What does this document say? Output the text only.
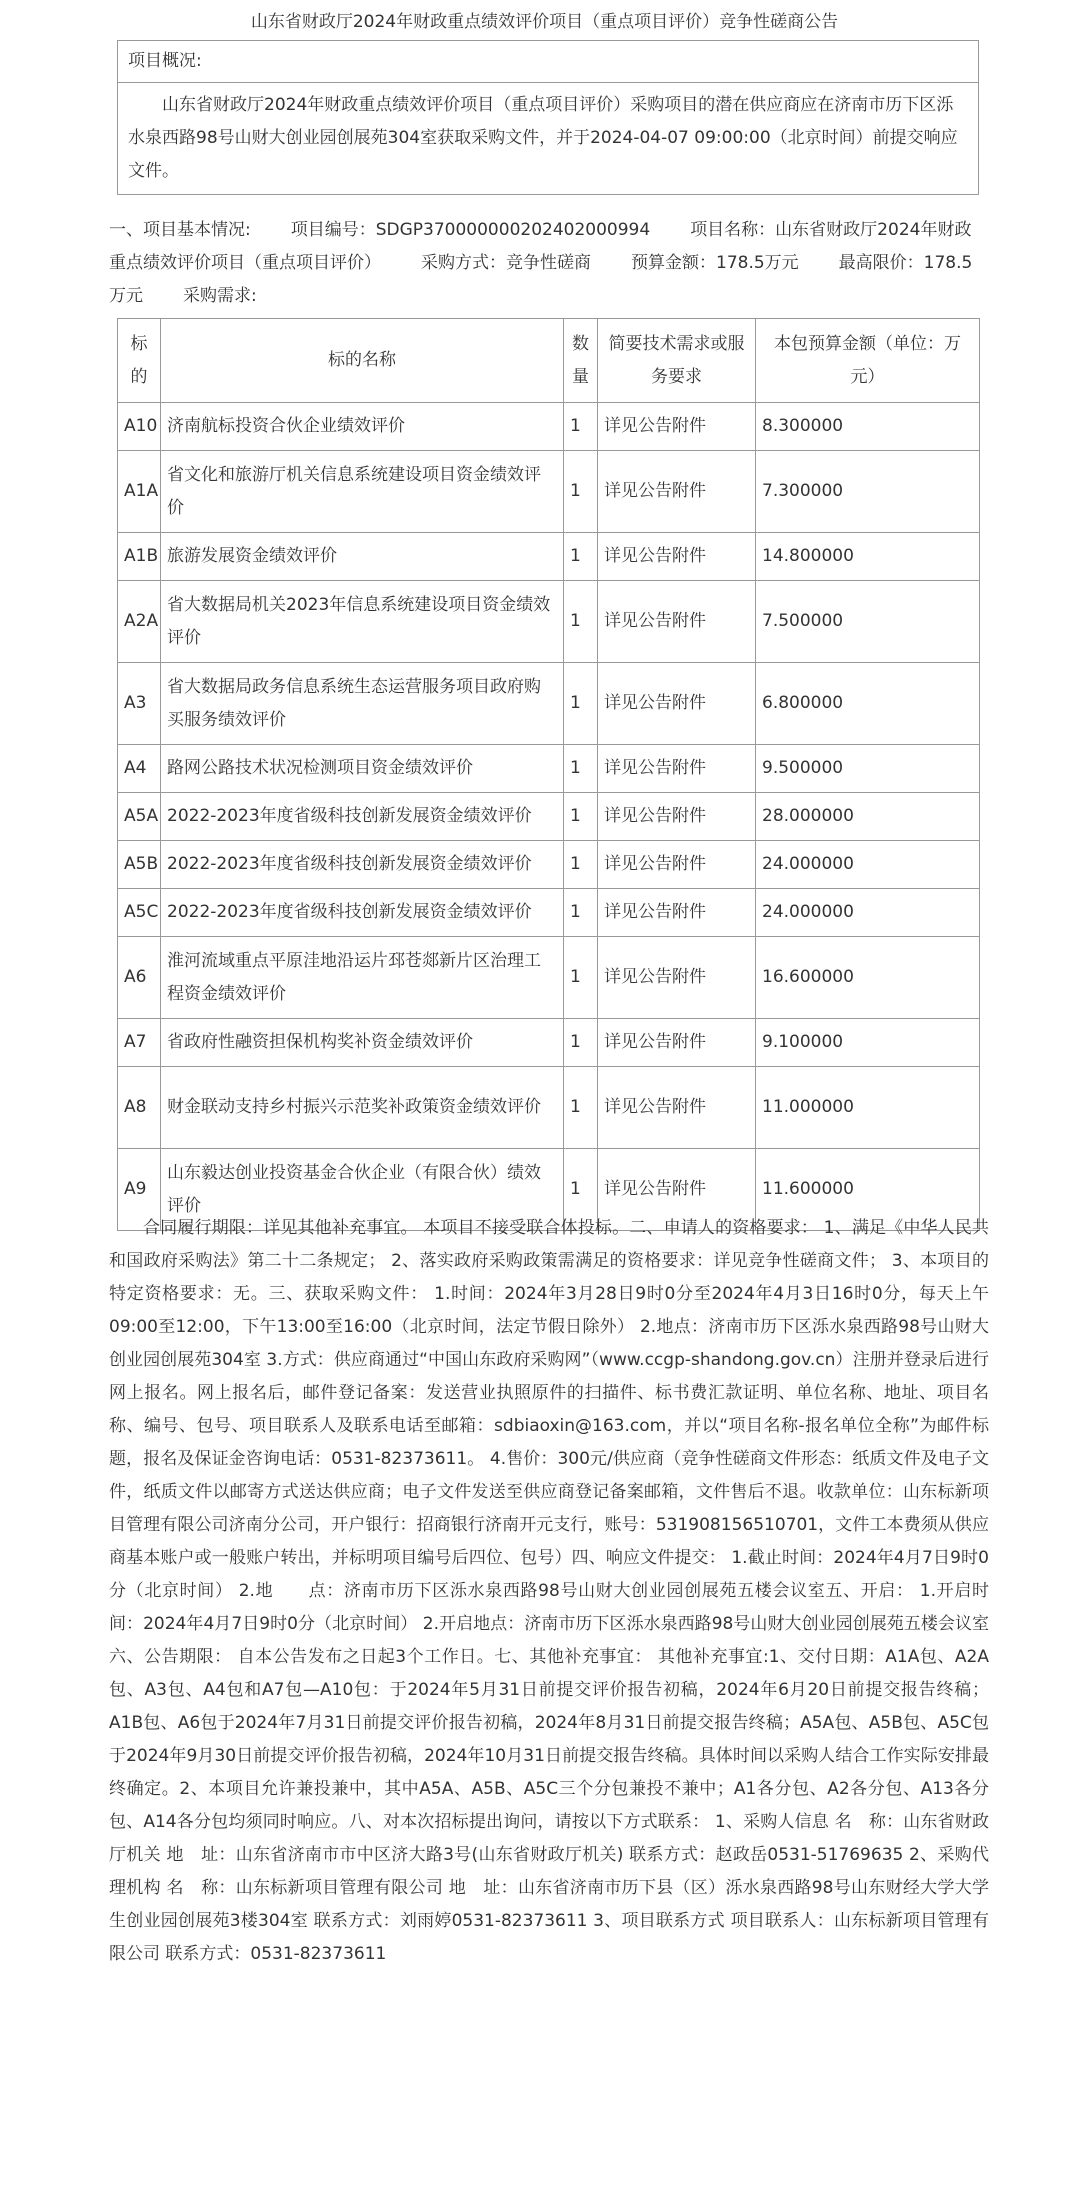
山东省财政厅2024年财政重点绩效评价项目（重点项目评价）竞争性磋商公告
项目概况:
山东省财政厅2024年财政重点绩效评价项目（重点项目评价）采购项目的潜在供应商应在济南市历下区泺水泉西路98号山财大创业园创展苑304室获取采购文件，并于2024-04-07 09:00:00（北京时间）前提交响应文件。

一、项目基本情况: 项目编号：SDGP370000000202402000994 项目名称：山东省财政厅2024年财政重点绩效评价项目（重点项目评价） 采购方式：竞争性磋商 预算金额：178.5万元 最高限价：178.5万元 采购需求:

标的	标的名称	数量	简要技术需求或服务要求	本包预算金额（单位：万元）
A10	济南航标投资合伙企业绩效评价	1	详见公告附件	8.300000
A1A	省文化和旅游厅机关信息系统建设项目资金绩效评价	1	详见公告附件	7.300000
A1B	旅游发展资金绩效评价	1	详见公告附件	14.800000
A2A	省大数据局机关2023年信息系统建设项目资金绩效评价	1	详见公告附件	7.500000
A3	省大数据局政务信息系统生态运营服务项目政府购买服务绩效评价	1	详见公告附件	6.800000
A4	路网公路技术状况检测项目资金绩效评价	1	详见公告附件	9.500000
A5A	2022-2023年度省级科技创新发展资金绩效评价	1	详见公告附件	28.000000
A5B	2022-2023年度省级科技创新发展资金绩效评价	1	详见公告附件	24.000000
A5C	2022-2023年度省级科技创新发展资金绩效评价	1	详见公告附件	24.000000
A6	淮河流域重点平原洼地沿运片邳苍郯新片区治理工程资金绩效评价	1	详见公告附件	16.600000
A7	省政府性融资担保机构奖补资金绩效评价	1	详见公告附件	9.100000
A8	财金联动支持乡村振兴示范奖补政策资金绩效评价	1	详见公告附件	11.000000
A9	山东毅达创业投资基金合伙企业（有限合伙）绩效评价	1	详见公告附件	11.600000

合同履行期限：详见其他补充事宜。 本项目不接受联合体投标。二、申请人的资格要求： 1、满足《中华人民共和国政府采购法》第二十二条规定； 2、落实政府采购政策需满足的资格要求：详见竞争性磋商文件； 3、本项目的特定资格要求：无。三、获取采购文件： 1.时间：2024年3月28日9时0分至2024年4月3日16时0分，每天上午09:00至12:00，下午13:00至16:00（北京时间，法定节假日除外） 2.地点：济南市历下区泺水泉西路98号山财大创业园创展苑304室 3.方式：供应商通过“中国山东政府采购网”（www.ccgp-shandong.gov.cn）注册并登录后进行网上报名。网上报名后，邮件登记备案：发送营业执照原件的扫描件、标书费汇款证明、单位名称、地址、项目名称、编号、包号、项目联系人及联系电话至邮箱：sdbiaoxin@163.com，并以“项目名称-报名单位全称”为邮件标题，报名及保证金咨询电话：0531-82373611。 4.售价：300元/供应商（竞争性磋商文件形态：纸质文件及电子文件，纸质文件以邮寄方式送达供应商；电子文件发送至供应商登记备案邮箱，文件售后不退。收款单位：山东标新项目管理有限公司济南分公司，开户银行：招商银行济南开元支行，账号：531908156510701，文件工本费须从供应商基本账户或一般账户转出，并标明项目编号后四位、包号）四、响应文件提交： 1.截止时间：2024年4月7日9时0分（北京时间） 2.地　　点：济南市历下区泺水泉西路98号山财大创业园创展苑五楼会议室五、开启： 1.开启时间：2024年4月7日9时0分（北京时间） 2.开启地点：济南市历下区泺水泉西路98号山财大创业园创展苑五楼会议室六、公告期限： 自本公告发布之日起3个工作日。七、其他补充事宜： 其他补充事宜:1、交付日期：A1A包、A2A包、A3包、A4包和A7包—A10包：于2024年5月31日前提交评价报告初稿，2024年6月20日前提交报告终稿；A1B包、A6包于2024年7月31日前提交评价报告初稿，2024年8月31日前提交报告终稿；A5A包、A5B包、A5C包于2024年9月30日前提交评价报告初稿，2024年10月31日前提交报告终稿。具体时间以采购人结合工作实际安排最终确定。2、本项目允许兼投兼中，其中A5A、A5B、A5C三个分包兼投不兼中；A1各分包、A2各分包、A13各分包、A14各分包均须同时响应。八、对本次招标提出询问，请按以下方式联系： 1、采购人信息 名　称：山东省财政厅机关 地　址：山东省济南市市中区济大路3号(山东省财政厅机关) 联系方式：赵政岳0531-51769635 2、采购代理机构 名　称：山东标新项目管理有限公司 地　址：山东省济南市历下县（区）泺水泉西路98号山东财经大学大学生创业园创展苑3楼304室 联系方式：刘雨婷0531-82373611 3、项目联系方式 项目联系人：山东标新项目管理有限公司 联系方式：0531-82373611
